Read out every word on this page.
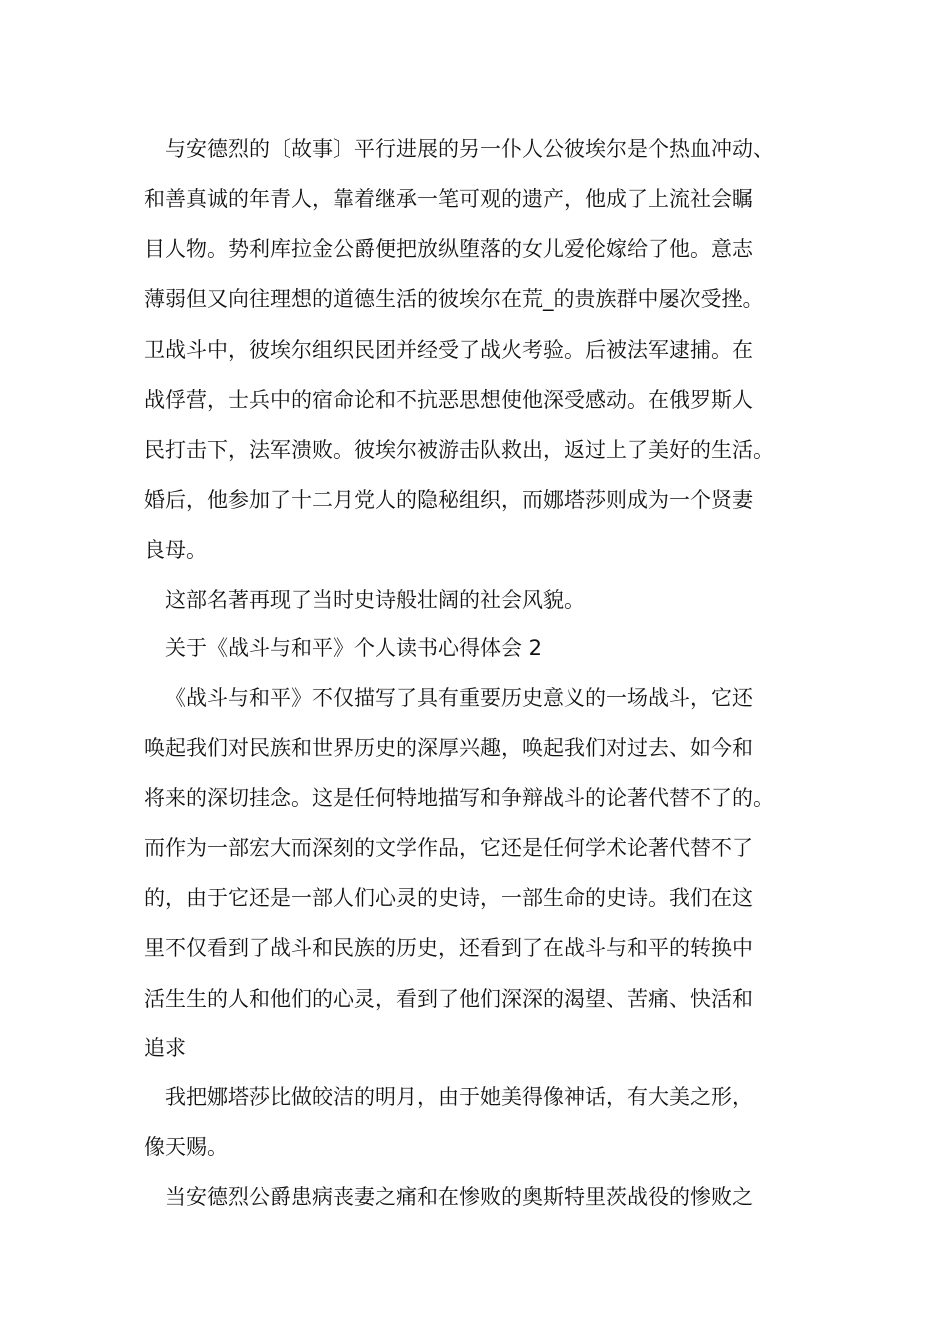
与安德烈的〔故事〕平行进展的另一仆人公彼埃尔是个热血冲动、
和善真诚的年青人，靠着继承一笔可观的遗产，他成了上流社会瞩
目人物。势利库拉金公爵便把放纵堕落的女儿爱伦嫁给了他。意志
薄弱但又向往理想的道德生活的彼埃尔在荒_的贵族群中屡次受挫。
卫战斗中，彼埃尔组织民团并经受了战火考验。后被法军逮捕。在
战俘营，士兵中的宿命论和不抗恶思想使他深受感动。在俄罗斯人
民打击下，法军溃败。彼埃尔被游击队救出，返过上了美好的生活。
婚后，他参加了十二月党人的隐秘组织，而娜塔莎则成为一个贤妻
良母。
这部名著再现了当时史诗般壮阔的社会风貌。
关于《战斗与和平》个人读书心得体会 2
《战斗与和平》不仅描写了具有重要历史意义的一场战斗，它还
唤起我们对民族和世界历史的深厚兴趣，唤起我们对过去、如今和
将来的深切挂念。这是任何特地描写和争辩战斗的论著代替不了的。
而作为一部宏大而深刻的文学作品，它还是任何学术论著代替不了
的，由于它还是一部人们心灵的史诗，一部生命的史诗。我们在这
里不仅看到了战斗和民族的历史，还看到了在战斗与和平的转换中
活生生的人和他们的心灵，看到了他们深深的渴望、苦痛、快活和
追求
我把娜塔莎比做皎洁的明月，由于她美得像神话，有大美之形，
像天赐。
当安德烈公爵患病丧妻之痛和在惨败的奥斯特里茨战役的惨败之
